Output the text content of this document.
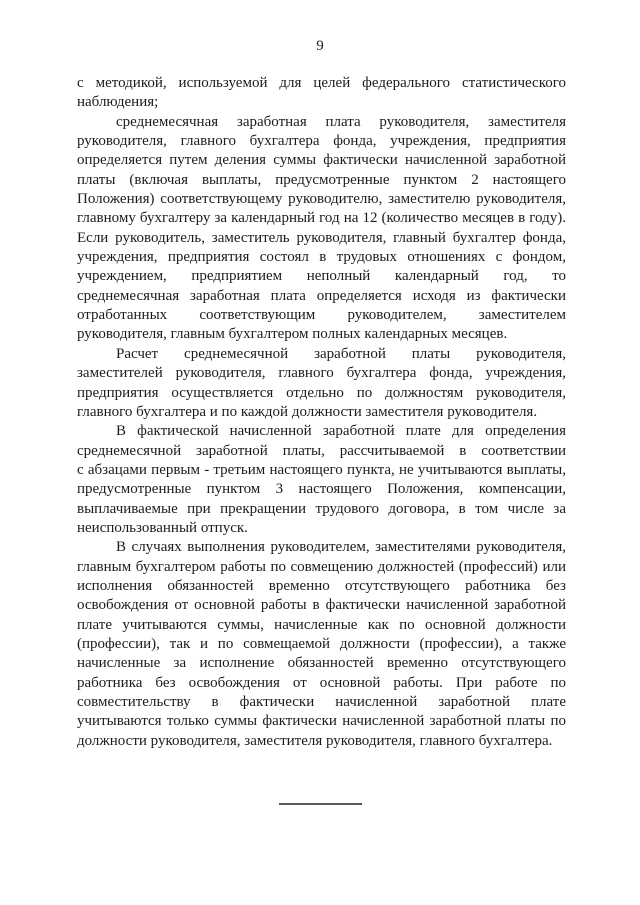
9

с методикой, используемой для целей федерального статистического наблюдения;

среднемесячная заработная плата руководителя, заместителя руководителя, главного бухгалтера фонда, учреждения, предприятия определяется путем деления суммы фактически начисленной заработной платы (включая выплаты, предусмотренные пунктом 2 настоящего Положения) соответствующему руководителю, заместителю руководителя, главному бухгалтеру за календарный год на 12 (количество месяцев в году). Если руководитель, заместитель руководителя, главный бухгалтер фонда, учреждения, предприятия состоял в трудовых отношениях с фондом, учреждением, предприятием неполный календарный год, то среднемесячная заработная плата определяется исходя из фактически отработанных соответствующим руководителем, заместителем руководителя, главным бухгалтером полных календарных месяцев.

Расчет среднемесячной заработной платы руководителя, заместителей руководителя, главного бухгалтера фонда, учреждения, предприятия осуществляется отдельно по должностям руководителя, главного бухгалтера и по каждой должности заместителя руководителя.

В фактической начисленной заработной плате для определения среднемесячной заработной платы, рассчитываемой в соответствии с абзацами первым - третьим настоящего пункта, не учитываются выплаты, предусмотренные пунктом 3 настоящего Положения, компенсации, выплачиваемые при прекращении трудового договора, в том числе за неиспользованный отпуск.

В случаях выполнения руководителем, заместителями руководителя, главным бухгалтером работы по совмещению должностей (профессий) или исполнения обязанностей временно отсутствующего работника без освобождения от основной работы в фактически начисленной заработной плате учитываются суммы, начисленные как по основной должности (профессии), так и по совмещаемой должности (профессии), а также начисленные за исполнение обязанностей временно отсутствующего работника без освобождения от основной работы. При работе по совместительству в фактически начисленной заработной плате учитываются только суммы фактически начисленной заработной платы по должности руководителя, заместителя руководителя, главного бухгалтера.
